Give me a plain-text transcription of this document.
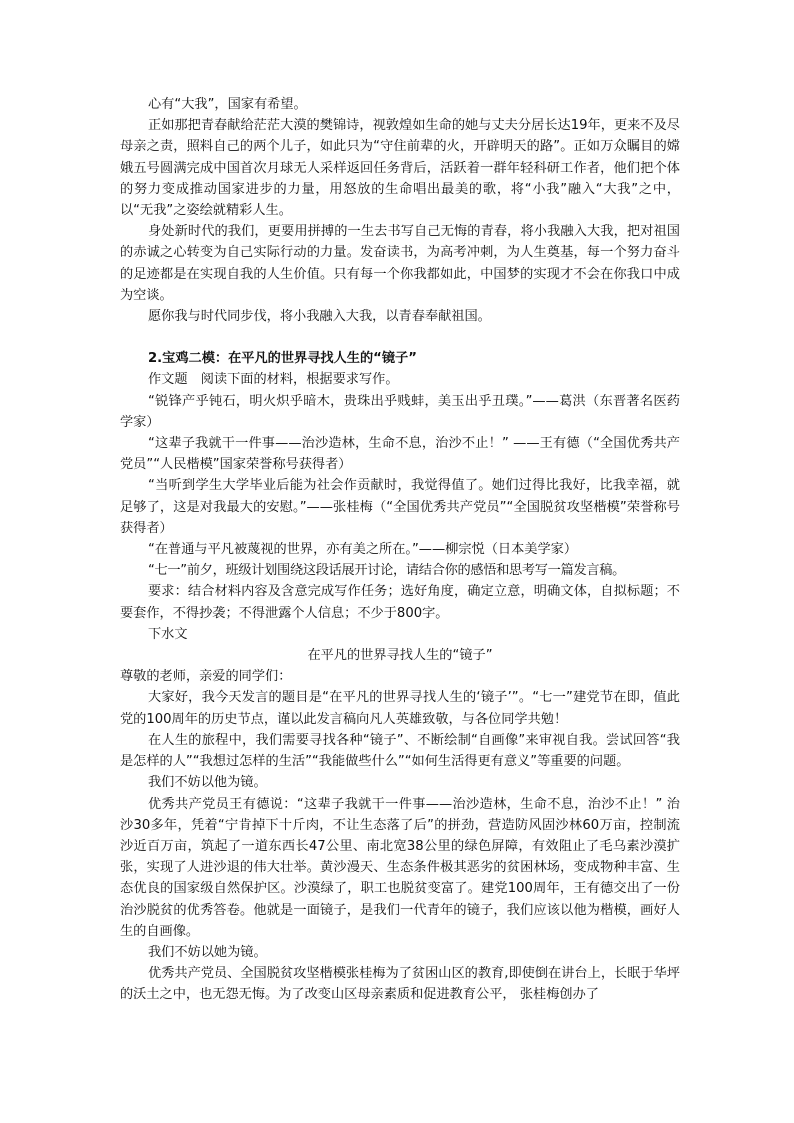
心有“大我”，国家有希望。

正如那把青春献给茫茫大漠的樊锦诗，视敦煌如生命的她与丈夫分居长达19年，更来不及尽母亲之责，照料自己的两个儿子，如此只为“守住前辈的火，开辟明天的路”。正如万众瞩目的嫦娥五号圆满完成中国首次月球无人采样返回任务背后，活跃着一群年轻科研工作者，他们把个体的努力变成推动国家进步的力量，用怒放的生命唱出最美的歌，将“小我”融入“大我”之中，以“无我”之姿绘就精彩人生。

身处新时代的我们，更要用拼搏的一生去书写自己无悔的青春，将小我融入大我，把对祖国的赤诚之心转变为自己实际行动的力量。发奋读书，为高考冲刺，为人生奠基，每一个努力奋斗的足迹都是在实现自我的人生价值。只有每一个你我都如此，中国梦的实现才不会在你我口中成为空谈。

愿你我与时代同步伐，将小我融入大我，以青春奉献祖国。

2.宝鸡二模：在平凡的世界寻找人生的“镜子”

作文题　阅读下面的材料，根据要求写作。

“锐锋产乎钝石，明火炽乎暗木，贵珠出乎贱蚌，美玉出乎丑璞。”——葛洪（东晋著名医药学家）

“这辈子我就干一件事——治沙造林，生命不息，治沙不止！” ——王有德（“全国优秀共产党员”“人民楷模”国家荣誉称号获得者）

“当听到学生大学毕业后能为社会作贡献时，我觉得值了。她们过得比我好，比我幸福，就足够了，这是对我最大的安慰。”——张桂梅（“全国优秀共产党员”“全国脱贫攻坚楷模”荣誉称号获得者）

“在普通与平凡被蔑视的世界，亦有美之所在。”——柳宗悦（日本美学家）

“七一”前夕，班级计划围绕这段话展开讨论，请结合你的感悟和思考写一篇发言稿。

要求：结合材料内容及含意完成写作任务；选好角度，确定立意，明确文体，自拟标题；不要套作，不得抄袭；不得泄露个人信息；不少于800字。

下水文

在平凡的世界寻找人生的“镜子”

尊敬的老师，亲爱的同学们：

大家好，我今天发言的题目是“在平凡的世界寻找人生的‘镜子’”。“七一”建党节在即，值此党的100周年的历史节点，谨以此发言稿向凡人英雄致敬，与各位同学共勉！

在人生的旅程中，我们需要寻找各种“镜子”、不断绘制“自画像”来审视自我。尝试回答“我是怎样的人”“我想过怎样的生活”“我能做些什么”“如何生活得更有意义”等重要的问题。

我们不妨以他为镜。

优秀共产党员王有德说：“这辈子我就干一件事——治沙造林，生命不息，治沙不止！” 治沙30多年，凭着“宁肯掉下十斤肉，不让生态落了后”的拼劲，营造防风固沙林60万亩，控制流沙近百万亩，筑起了一道东西长47公里、南北宽38公里的绿色屏障，有效阻止了毛乌素沙漠扩张，实现了人进沙退的伟大壮举。黄沙漫天、生态条件极其恶劣的贫困林场，变成物种丰富、生态优良的国家级自然保护区。沙漠绿了，职工也脱贫变富了。建党100周年，王有德交出了一份治沙脱贫的优秀答卷。他就是一面镜子，是我们一代青年的镜子，我们应该以他为楷模，画好人生的自画像。

我们不妨以她为镜。

优秀共产党员、全国脱贫攻坚楷模张桂梅为了贫困山区的教育,即使倒在讲台上，长眠于华坪的沃土之中，也无怨无悔。为了改变山区母亲素质和促进教育公平， 张桂梅创办了
